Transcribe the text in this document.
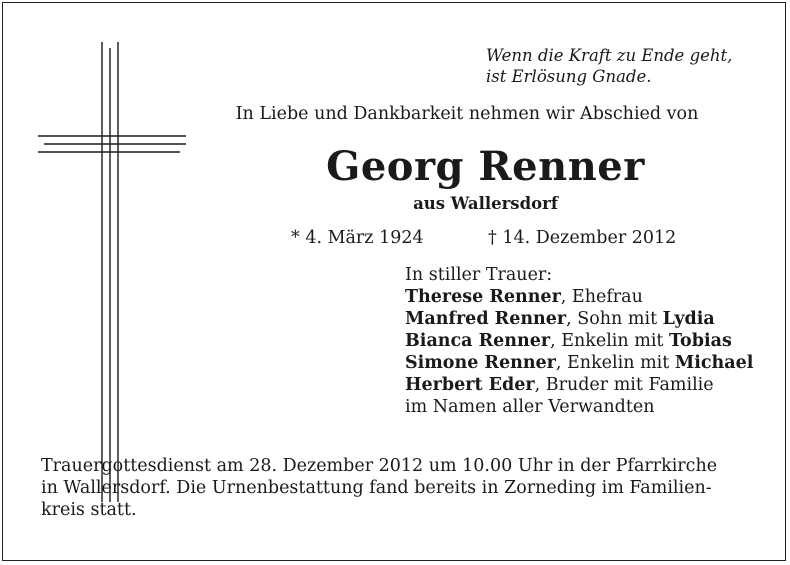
Wenn die Kraft zu Ende geht,
ist Erlösung Gnade.
In Liebe und Dankbarkeit nehmen wir Abschied von
Georg Renner
aus Wallersdorf
* 4. März 1924	† 14. Dezember 2012
In stiller Trauer:
Therese Renner, Ehefrau
Manfred Renner, Sohn mit Lydia
Bianca Renner, Enkelin mit Tobias
Simone Renner, Enkelin mit Michael
Herbert Eder, Bruder mit Familie
im Namen aller Verwandten
Trauergottesdienst am 28. Dezember 2012 um 10.00 Uhr in der Pfarrkirche
in Wallersdorf. Die Urnenbestattung fand bereits in Zorneding im Familien-
kreis statt.
